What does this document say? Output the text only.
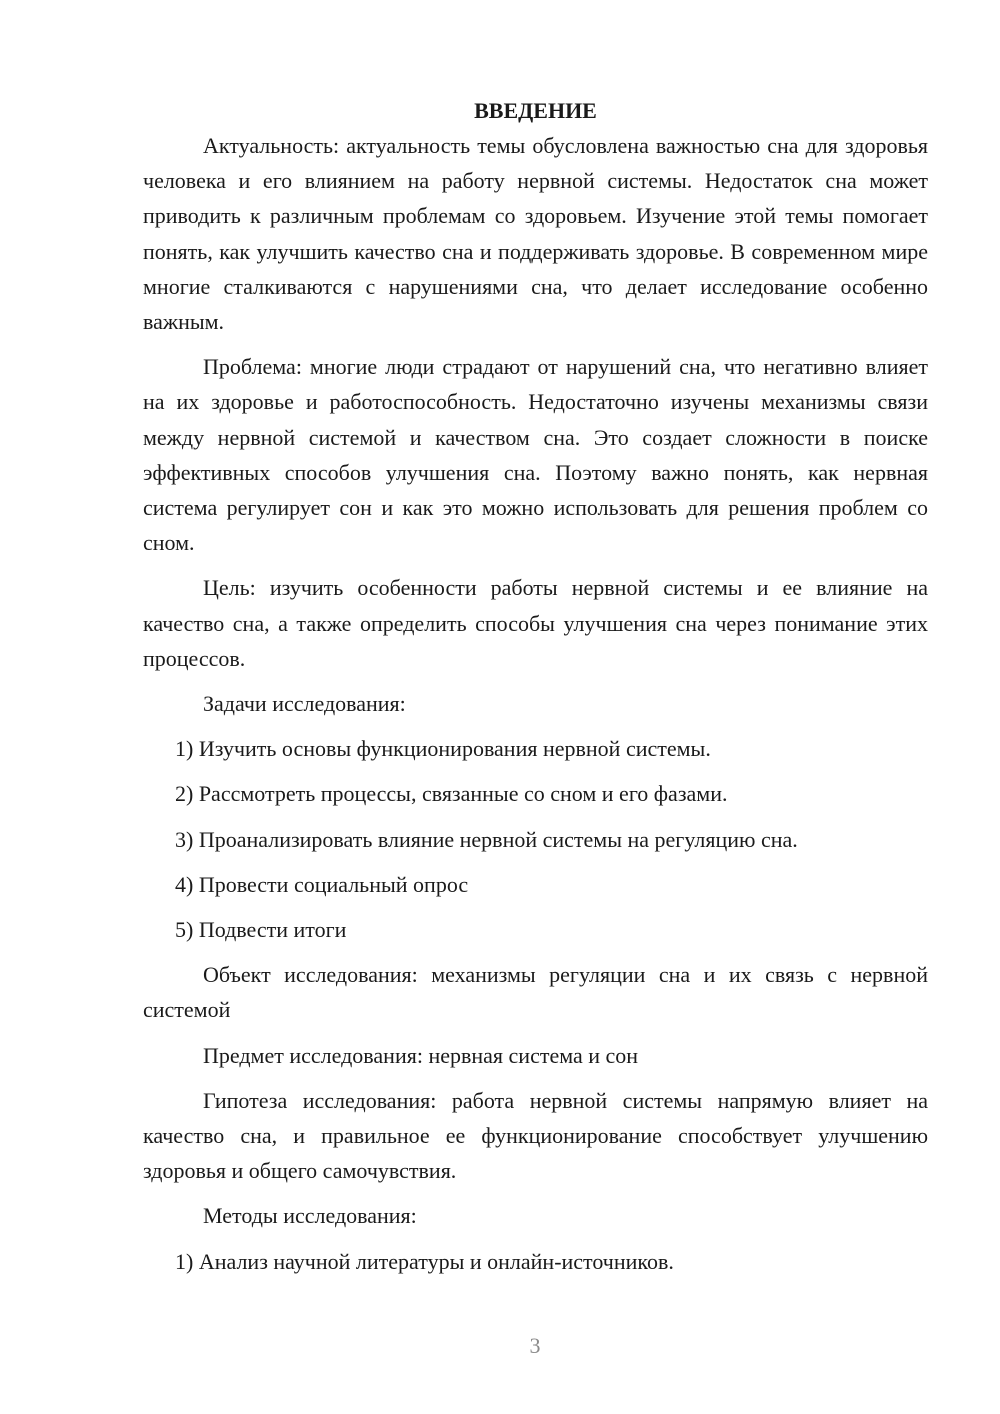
ВВЕДЕНИЕ

Актуальность: актуальность темы обусловлена важностью сна для здоровья человека и его влиянием на работу нервной системы. Недостаток сна может приводить к различным проблемам со здоровьем. Изучение этой темы помогает понять, как улучшить качество сна и поддерживать здоровье. В современном мире многие сталкиваются с нарушениями сна, что делает исследование особенно важным.

Проблема: многие люди страдают от нарушений сна, что негативно влияет на их здоровье и работоспособность. Недостаточно изучены механизмы связи между нервной системой и качеством сна. Это создает сложности в поиске эффективных способов улучшения сна. Поэтому важно понять, как нервная система регулирует сон и как это можно использовать для решения проблем со сном.

Цель: изучить особенности работы нервной системы и ее влияние на качество сна, а также определить способы улучшения сна через понимание этих процессов.

Задачи исследования:

1) Изучить основы функционирования нервной системы.

2) Рассмотреть процессы, связанные со сном и его фазами.

3) Проанализировать влияние нервной системы на регуляцию сна.

4) Провести социальный опрос

5) Подвести итоги

Объект исследования: механизмы регуляции сна и их связь с нервной системой

Предмет исследования: нервная система и сон

Гипотеза исследования: работа нервной системы напрямую влияет на качество сна, и правильное ее функционирование способствует улучшению здоровья и общего самочувствия.

Методы исследования:

1) Анализ научной литературы и онлайн-источников.

3
